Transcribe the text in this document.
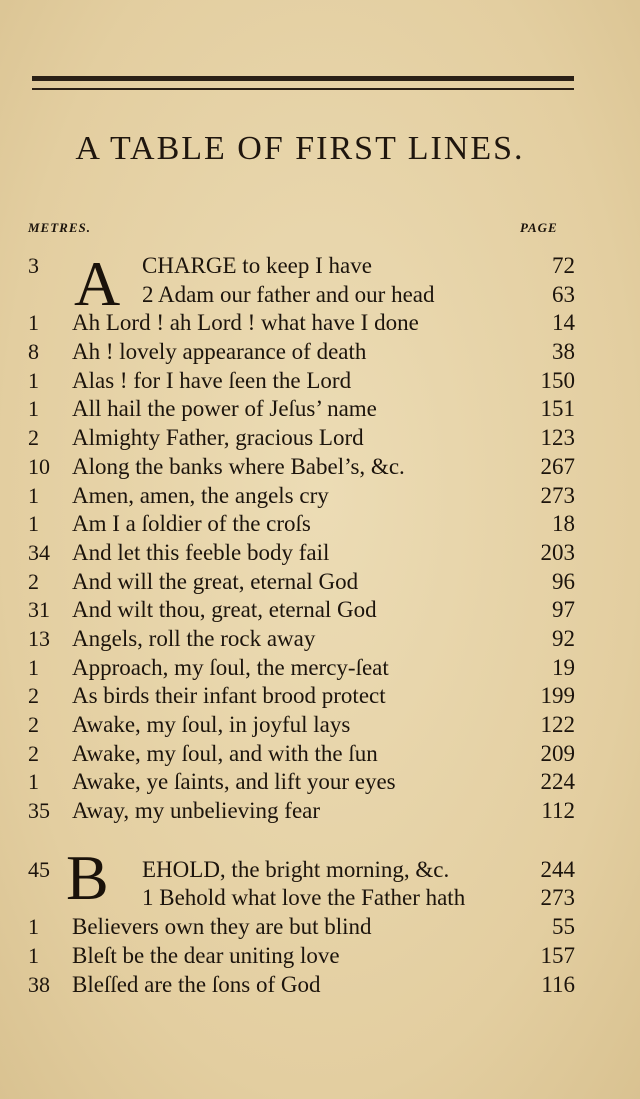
A TABLE OF FIRST LINES.
METRES.	PAGE
A
B
3	CHARGE to keep I have	72
2 Adam our father and our head	63
1	Ah Lord ! ah Lord ! what have I done	14
8	Ah ! lovely appearance of death	38
1	Alas ! for I have ſeen the Lord	150
1	All hail the power of Jeſus’ name	151
2	Almighty Father, gracious Lord	123
10 Along the banks where Babel’s, &c.	267
1	Amen, amen, the angels cry	273
1	Am I a ſoldier of the croſs	18
34 And let this feeble body fail	203
2	And will the great, eternal God	96
31 And wilt thou, great, eternal God	97
13 Angels, roll the rock away	92
1	Approach, my ſoul, the mercy-ſeat	19
2	As birds their infant brood protect	199
2	Awake, my ſoul, in joyful lays	122
2	Awake, my ſoul, and with the ſun	209
1	Awake, ye ſaints, and lift your eyes	224
35 Away, my unbelieving fear	112
45	EHOLD, the bright morning, &c.	244
1 Behold what love the Father hath	273
1	Believers own they are but blind	55
1	Bleſt be the dear uniting love	157
38 Bleſſed are the ſons of God	116
